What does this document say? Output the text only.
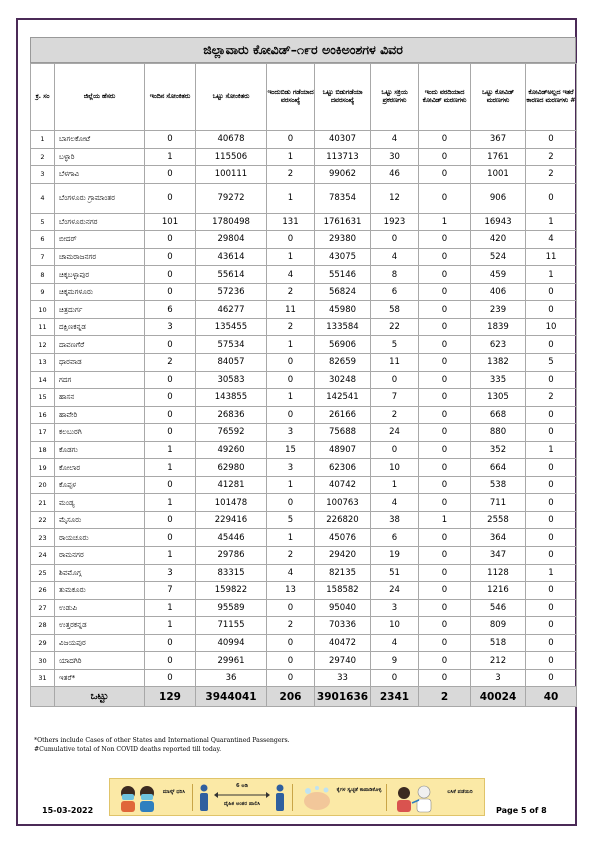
ಜಿಲ್ಲಾವಾರು ಕೋವಿಡ್–೧೯ರ ಅಂಕಿಅಂಶಗಳ ವಿವರ
ಕ್ರ. ಸಂ	ಜಿಲ್ಲೆಯ ಹೆಸರು	ಇಂದಿನ ಸೋಂಕಿತರು	ಒಟ್ಟು ಸೋಂಕಿತರು	ಇಂದುಬಿಡು ಗಡೆಯಾದ ವರಸಂಖ್ಯೆ	ಒಟ್ಟು ಬಿಡುಗಡೆಯಾ ದವರಸಂಖ್ಯೆ	ಒಟ್ಟು ಸಕ್ರಿಯ ಪ್ರಕರಣಗಳು	ಇಂದು ವರದಿಯಾದ ಕೋವಿಡ್ ಮರಣಗಳು	ಒಟ್ಟು ಕೋವಿಡ್ ಮರಣಗಳು	ಕೋವಿಡ್‌ಅಲ್ಲದ ಇತರೆ ಕಾರಣದ ಮರಣಗಳು #
1	ಬಾಗಲಕೋಟೆ	0	40678	0	40307	4	0	367	0
2	ಬಳ್ಳಾರಿ	1	115506	1	113713	30	0	1761	2
3	ಬೆಳಗಾವಿ	0	100111	2	99062	46	0	1001	2
4	ಬೆಂಗಳೂರು ಗ್ರಾಮಾಂತರ	0	79272	1	78354	12	0	906	0
5	ಬೆಂಗಳೂರುನಗರ	101	1780498	131	1761631	1923	1	16943	1
6	ಬೀದರ್	0	29804	0	29380	0	0	420	4
7	ಚಾಮರಾಜನಗರ	0	43614	1	43075	4	0	524	11
8	ಚಿಕ್ಕಬಳ್ಳಾಪುರ	0	55614	4	55146	8	0	459	1
9	ಚಿಕ್ಕಮಗಳೂರು	0	57236	2	56824	6	0	406	0
10	ಚಿತ್ರದುರ್ಗ	6	46277	11	45980	58	0	239	0
11	ದಕ್ಷಿಣಕನ್ನಡ	3	135455	2	133584	22	0	1839	10
12	ದಾವಣಗೆರೆ	0	57534	1	56906	5	0	623	0
13	ಧಾರವಾಡ	2	84057	0	82659	11	0	1382	5
14	ಗದಗ	0	30583	0	30248	0	0	335	0
15	ಹಾಸನ	0	143855	1	142541	7	0	1305	2
16	ಹಾವೇರಿ	0	26836	0	26166	2	0	668	0
17	ಕಲಬುರಗಿ	0	76592	3	75688	24	0	880	0
18	ಕೊಡಗು	1	49260	15	48907	0	0	352	1
19	ಕೋಲಾರ	1	62980	3	62306	10	0	664	0
20	ಕೊಪ್ಪಳ	0	41281	1	40742	1	0	538	0
21	ಮಂಡ್ಯ	1	101478	0	100763	4	0	711	0
22	ಮೈಸೂರು	0	229416	5	226820	38	1	2558	0
23	ರಾಯಚೂರು	0	45446	1	45076	6	0	364	0
24	ರಾಮನಗರ	1	29786	2	29420	19	0	347	0
25	ಶಿವಮೊಗ್ಗ	3	83315	4	82135	51	0	1128	1
26	ತುಮಕೂರು	7	159822	13	158582	24	0	1216	0
27	ಉಡುಪಿ	1	95589	0	95040	3	0	546	0
28	ಉತ್ತರಕನ್ನಡ	1	71155	2	70336	10	0	809	0
29	ವಿಜಯಪುರ	0	40994	0	40472	4	0	518	0
30	ಯಾದಗಿರಿ	0	29961	0	29740	9	0	212	0
31	ಇತರೆ*	0	36	0	33	0	0	3	0
	ಒಟ್ಟು	129	3944041	206	3901636	2341	2	40024	40
*Others include Cases of other States and International Quarantined Passengers.
#Cumulative total of Non COVID deaths reported till today.
ಮಾಸ್ಕ್ ಧರಿಸಿ
6 ಅಡಿ
ದೈಹಿಕ ಅಂತರ ಪಾಲಿಸಿ
ಕೈಗಳ ಸ್ವಚ್ಛತೆ ಕಾಪಾಡಿಕೊಳ್ಳಿ	ಲಸಿಕೆ ಪಡೆಯಿರಿ
15-03-2022	Page 5 of 8
